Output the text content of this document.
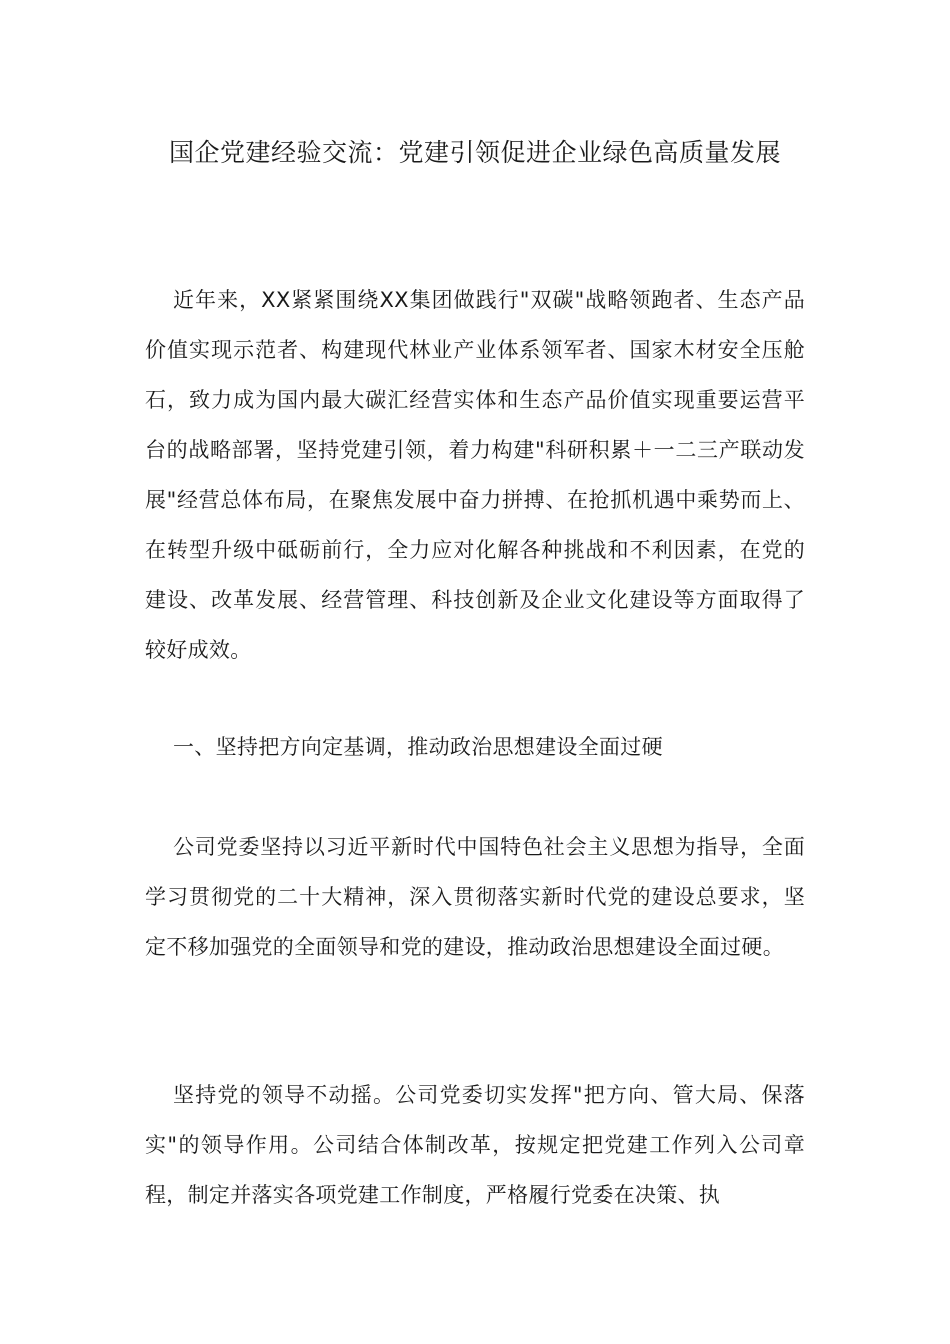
国企党建经验交流：党建引领促进企业绿色高质量发展

近年来，XX紧紧围绕XX集团做践行"双碳"战略领跑者、生态产品价值实现示范者、构建现代林业产业体系领军者、国家木材安全压舱石，致力成为国内最大碳汇经营实体和生态产品价值实现重要运营平台的战略部署，坚持党建引领，着力构建"科研积累＋一二三产联动发展"经营总体布局，在聚焦发展中奋力拼搏、在抢抓机遇中乘势而上、在转型升级中砥砺前行，全力应对化解各种挑战和不利因素，在党的建设、改革发展、经营管理、科技创新及企业文化建设等方面取得了较好成效。

一、坚持把方向定基调，推动政治思想建设全面过硬

公司党委坚持以习近平新时代中国特色社会主义思想为指导，全面学习贯彻党的二十大精神，深入贯彻落实新时代党的建设总要求，坚定不移加强党的全面领导和党的建设，推动政治思想建设全面过硬。

坚持党的领导不动摇。公司党委切实发挥"把方向、管大局、保落实"的领导作用。公司结合体制改革，按规定把党建工作列入公司章程，制定并落实各项党建工作制度，严格履行党委在决策、执
